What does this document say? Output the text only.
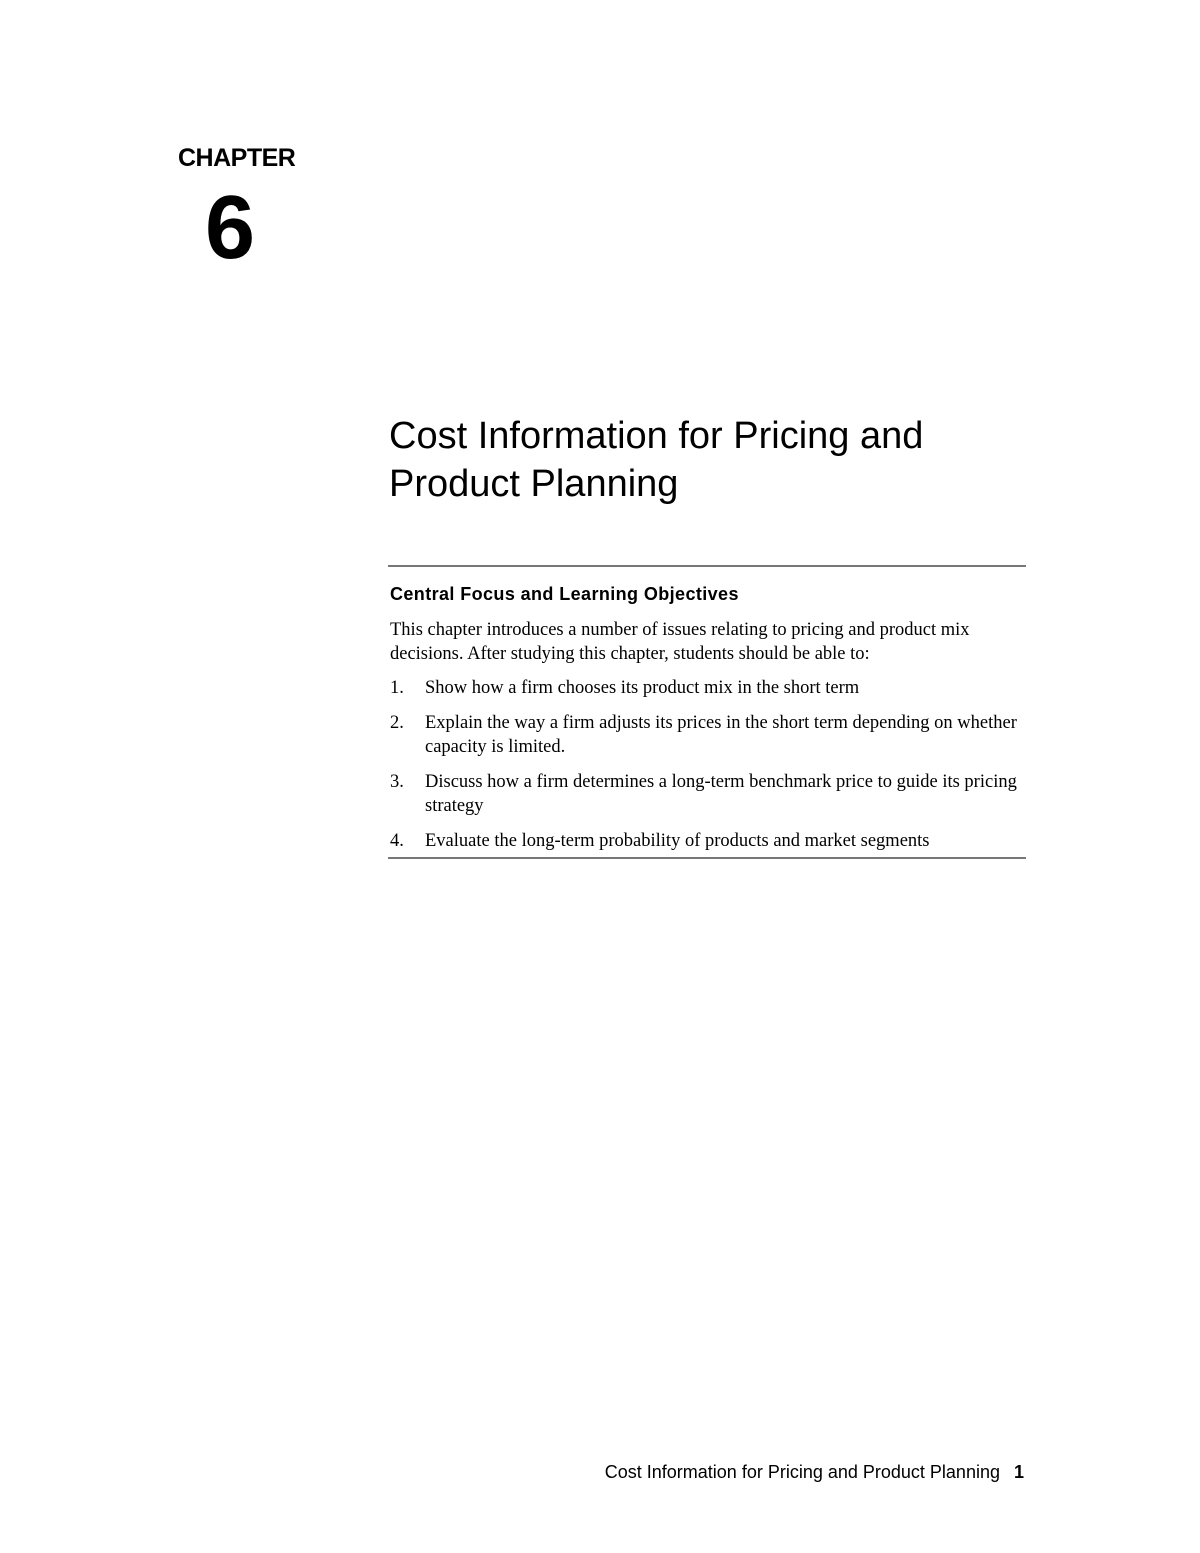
CHAPTER
6
Cost Information for Pricing and Product Planning
Central Focus and Learning Objectives

This chapter introduces a number of issues relating to pricing and product mix decisions. After studying this chapter, students should be able to:

1.	Show how a firm chooses its product mix in the short term
2.	Explain the way a firm adjusts its prices in the short term depending on whether capacity is limited.
3.	Discuss how a firm determines a long-term benchmark price to guide its pricing strategy
4.	Evaluate the long-term probability of products and market segments
Cost Information for Pricing and Product Planning 1
